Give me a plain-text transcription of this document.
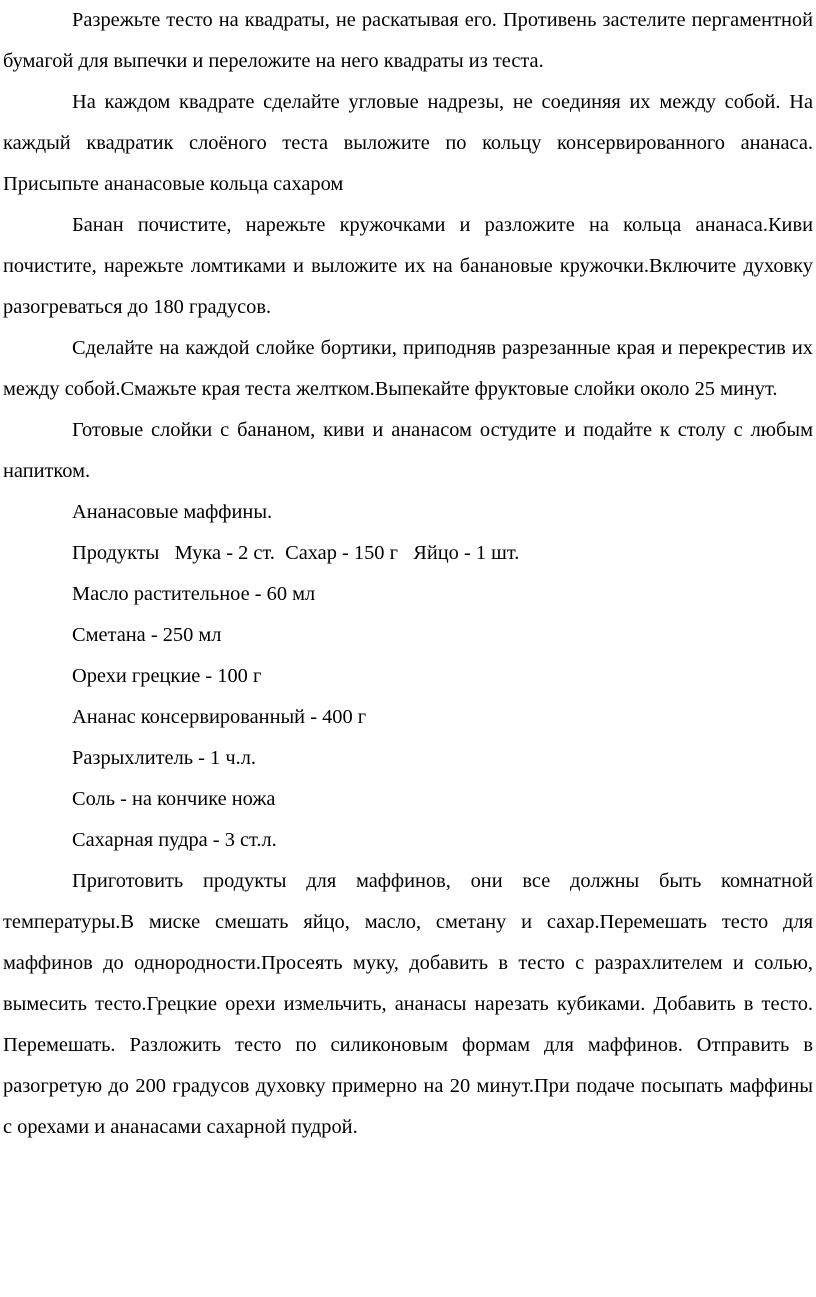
Разрежьте тесто на квадраты, не раскатывая его. Противень застелите пергаментной бумагой для выпечки и переложите на него квадраты из теста.

На каждом квадрате сделайте угловые надрезы, не соединяя их между собой. На каждый квадратик слоёного теста выложите по кольцу консервированного ананаса. Присыпьте ананасовые кольца сахаром

Банан почистите, нарежьте кружочками и разложите на кольца ананаса.Киви почистите, нарежьте ломтиками и выложите их на банановые кружочки.Включите духовку разогреваться до 180 градусов.

Сделайте на каждой слойке бортики, приподняв разрезанные края и перекрестив их между собой.Смажьте края теста желтком.Выпекайте фруктовые слойки около 25 минут.

Готовые слойки с бананом, киви и ананасом остудите и подайте к столу с любым напитком.

Ананасовые маффины.

Продукты   Мука - 2 ст.  Сахар - 150 г   Яйцо - 1 шт.

Масло растительное - 60 мл

Сметана - 250 мл

Орехи грецкие - 100 г

Ананас консервированный - 400 г

Разрыхлитель - 1 ч.л.

Соль - на кончике ножа

Сахарная пудра - 3 ст.л.

Приготовить продукты для маффинов, они все должны быть комнатной температуры.В миске смешать яйцо, масло, сметану и сахар.Перемешать тесто для маффинов до однородности.Просеять муку, добавить в тесто с разрахлителем и солью, вымесить тесто.Грецкие орехи измельчить, ананасы нарезать кубиками. Добавить в тесто. Перемешать. Разложить тесто по силиконовым формам для маффинов. Отправить в разогретую до 200 градусов духовку примерно на 20 минут.При подаче посыпать маффины с орехами и ананасами сахарной пудрой.
